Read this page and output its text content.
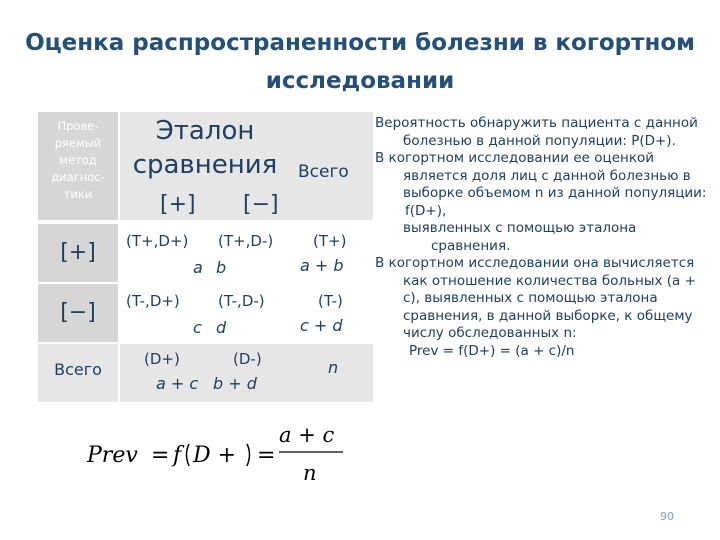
Оценка распространенности болезни в когортном
исследовании
Прове-
ряемый
метод
диагнос-
тики
Эталон
сравнения Всего
[+] [−]
[+]
[−]
Всего
(T+,D+) (T+,D-)
a b
(T+)
a + b
(T-,D+)	(T-,D-)
c d
(T-)
c + d
(D+)	(D-)
a + c b + d
n

Вероятность обнаружить пациента с данной болезнью в данной популяции: P(D+).

В когортном исследовании ее оценкой является доля лиц с данной болезнью в выборке объемом n из данной популяции:

f(D+),

выявленных с помощью эталона сравнения.

В когортном исследовании она вычисляется как отношение количества больных (a + c), выявленных с помощью эталона сравнения, в данной выборке, к общему числу обследованных n:

Prev = f(D+) = (a + c)/n

Prev = f D + =
a + c
n
90
